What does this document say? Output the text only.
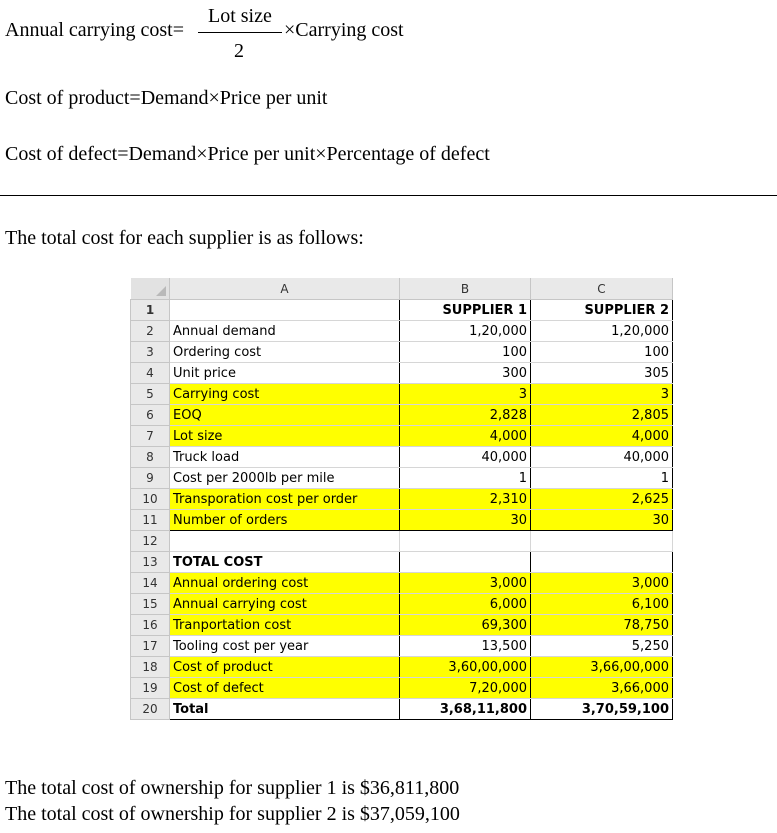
Annual carrying cost=
Lot size
2
×Carrying cost
Cost of product=Demand×Price per unit
Cost of defect=Demand×Price per unit×Percentage of defect
The total cost for each supplier is as follows:
	A	B	C
1		SUPPLIER 1	SUPPLIER 2
2	Annual demand	1,20,000	1,20,000
3	Ordering cost	100	100
4	Unit price	300	305
5	Carrying cost	3	3
6	EOQ	2,828	2,805
7	Lot size	4,000	4,000
8	Truck load	40,000	40,000
9	Cost per 2000lb per mile	1	1
10	Transporation cost per order	2,310	2,625
11	Number of orders	30	30
12			
13	TOTAL COST		
14	Annual ordering cost	3,000	3,000
15	Annual carrying cost	6,000	6,100
16	Tranportation cost	69,300	78,750
17	Tooling cost per year	13,500	5,250
18	Cost of product	3,60,00,000	3,66,00,000
19	Cost of defect	7,20,000	3,66,000
20	Total	3,68,11,800	3,70,59,100
The total cost of ownership for supplier 1 is $36,811,800
The total cost of ownership for supplier 2 is $37,059,100
